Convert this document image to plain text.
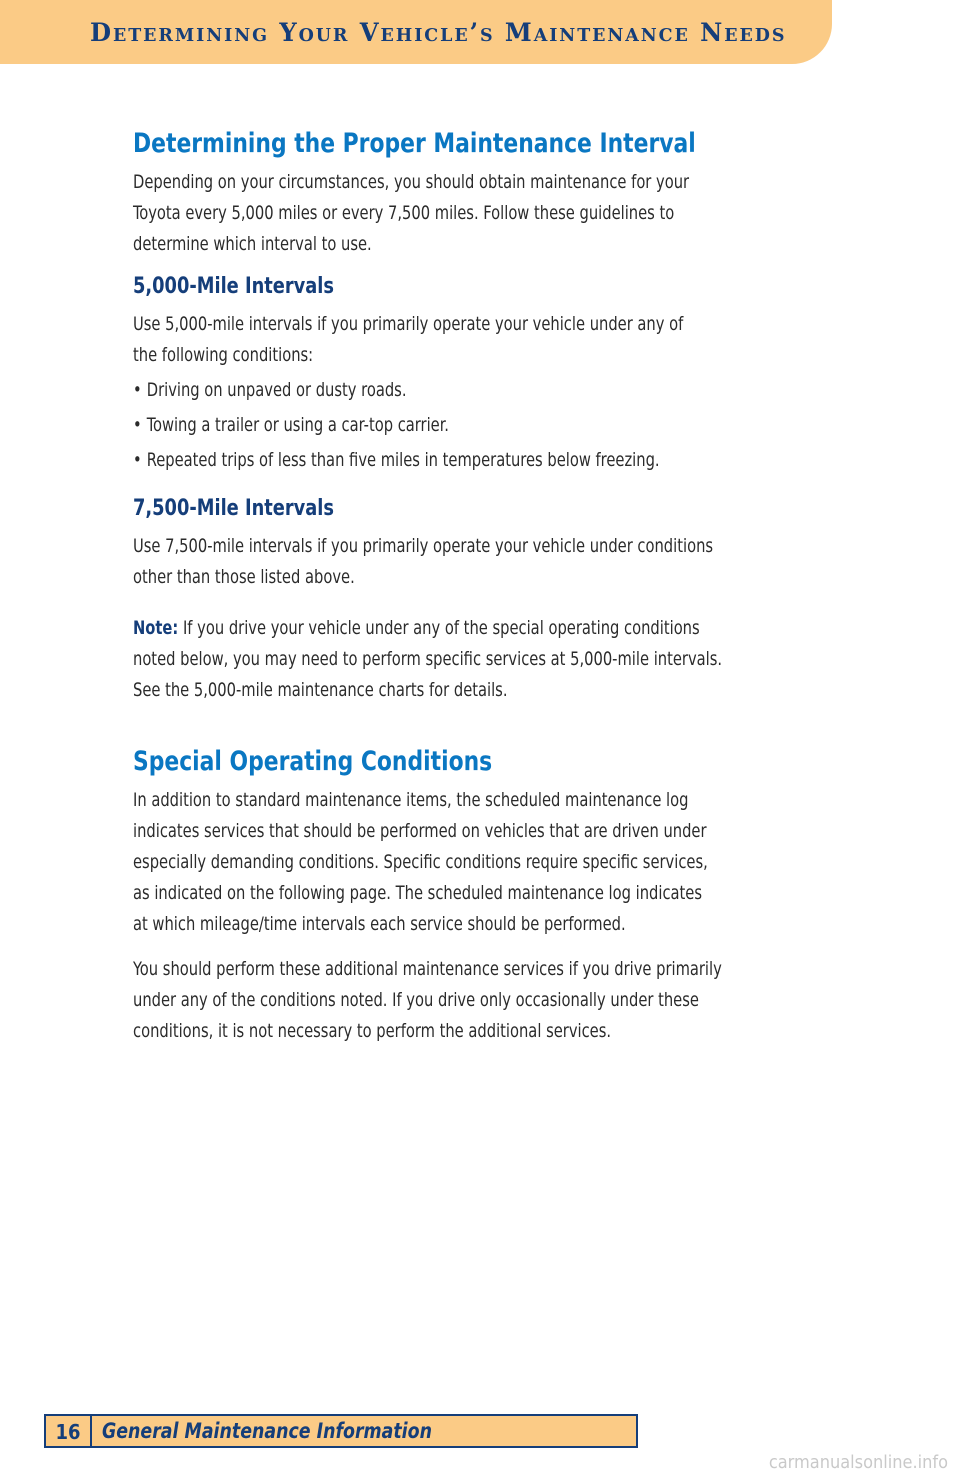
Determining Your Vehicle’s Maintenance Needs
Determining the Proper Maintenance Interval

Depending on your circumstances, you should obtain maintenance for your

Toyota every 5,000 miles or every 7,500 miles. Follow these guidelines to

determine which interval to use.

5,000-Mile Intervals

Use 5,000-mile intervals if you primarily operate your vehicle under any of

the following conditions:

• Driving on unpaved or dusty roads.
• Towing a trailer or using a car-top carrier.
• Repeated trips of less than five miles in temperatures below freezing.
7,500-Mile Intervals

Use 7,500-mile intervals if you primarily operate your vehicle under conditions

other than those listed above.

Note: If you drive your vehicle under any of the special operating conditions

noted below, you may need to perform specific services at 5,000-mile intervals.

See the 5,000-mile maintenance charts for details.

Special Operating Conditions

In addition to standard maintenance items, the scheduled maintenance log

indicates services that should be performed on vehicles that are driven under

especially demanding conditions. Specific conditions require specific services,

as indicated on the following page. The scheduled maintenance log indicates

at which mileage/time intervals each service should be performed.

You should perform these additional maintenance services if you drive primarily

under any of the conditions noted. If you drive only occasionally under these

conditions, it is not necessary to perform the additional services.

16	General Maintenance Information
carmanualsonline.info
